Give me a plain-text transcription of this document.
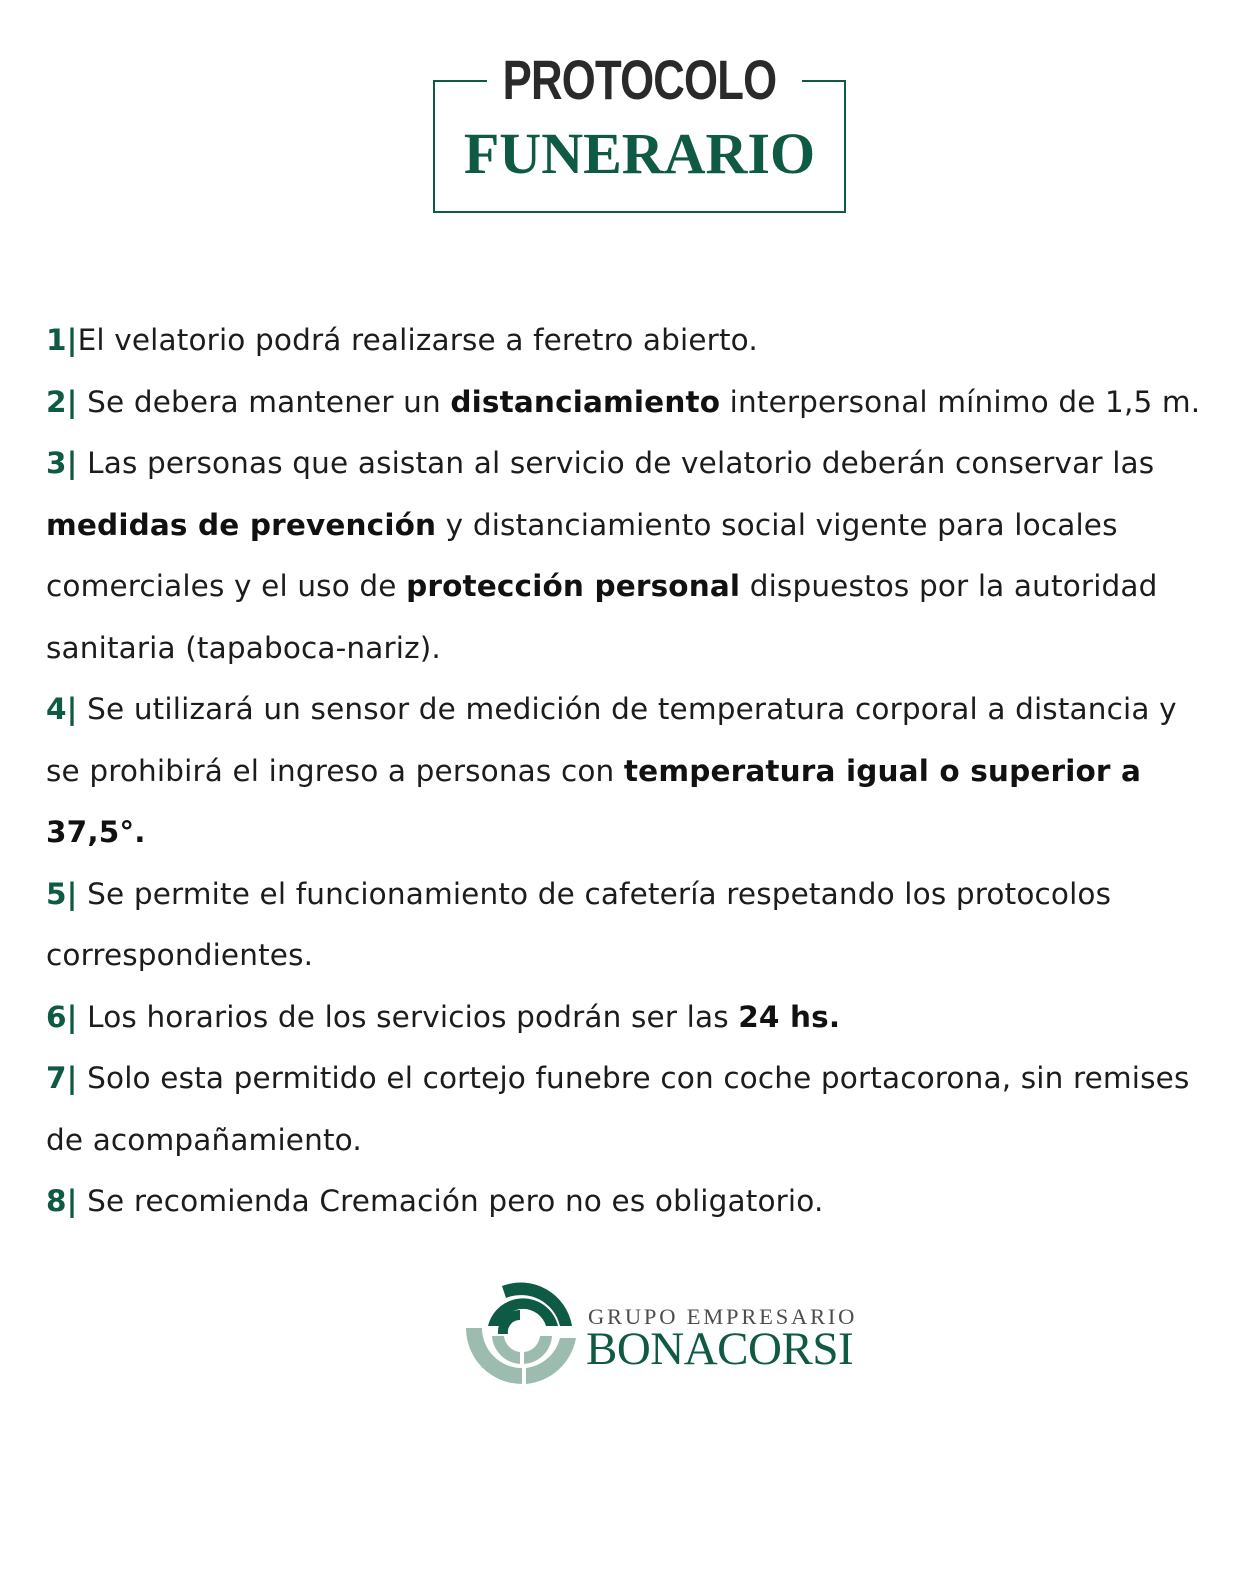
PROTOCOLO
FUNERARIO
1|El velatorio podrá realizarse a feretro abierto.
2| Se debera mantener un distanciamiento interpersonal mínimo de 1,5 m.
3| Las personas que asistan al servicio de velatorio deberán conservar las medidas de prevención y distanciamiento social vigente para locales comerciales y el uso de protección personal dispuestos por la autoridad sanitaria (tapaboca-nariz).
4| Se utilizará un sensor de medición de temperatura corporal a distancia y se prohibirá el ingreso a personas con temperatura igual o superior a 37,5°.
5| Se permite el funcionamiento de cafetería respetando los protocolos correspondientes.
6| Los horarios de los servicios podrán ser las 24 hs.
7| Solo esta permitido el cortejo funebre con coche portacorona, sin remises de acompañamiento.
8| Se recomienda Cremación pero no es obligatorio.
GRUPO EMPRESARIO
BONACORSI
